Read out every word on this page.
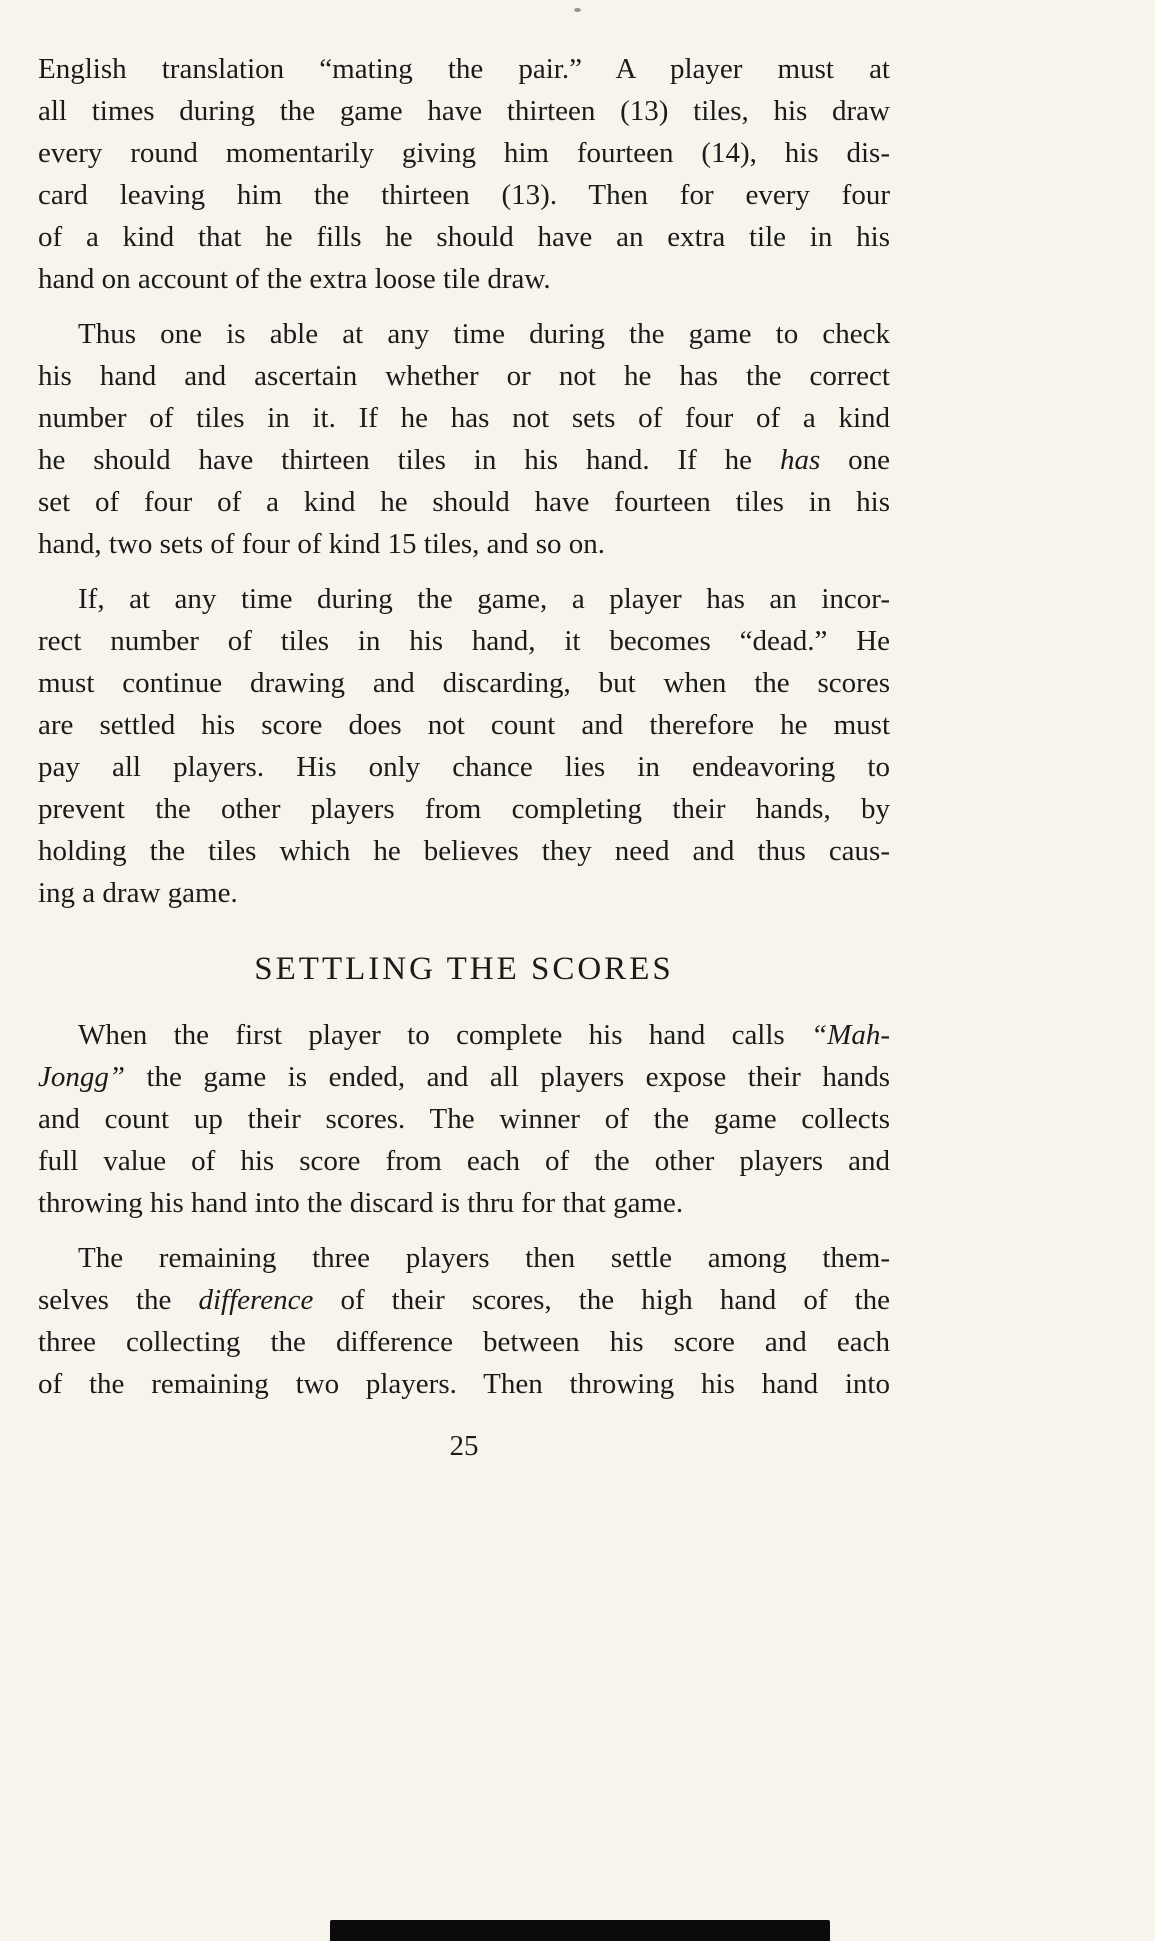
English translation “mating the pair.” A player must at
all times during the game have thirteen (13) tiles, his draw
every round momentarily giving him fourteen (14), his dis-
card leaving him the thirteen (13). Then for every four
of a kind that he fills he should have an extra tile in his
hand on account of the extra loose tile draw.
Thus one is able at any time during the game to check
his hand and ascertain whether or not he has the correct
number of tiles in it. If he has not sets of four of a kind
he should have thirteen tiles in his hand. If he has one
set of four of a kind he should have fourteen tiles in his
hand, two sets of four of kind 15 tiles, and so on.
If, at any time during the game, a player has an incor-
rect number of tiles in his hand, it becomes “dead.” He
must continue drawing and discarding, but when the scores
are settled his score does not count and therefore he must
pay all players. His only chance lies in endeavoring to
prevent the other players from completing their hands, by
holding the tiles which he believes they need and thus caus-
ing a draw game.
SETTLING THE SCORES
When the first player to complete his hand calls “Mah-
Jongg” the game is ended, and all players expose their hands
and count up their scores. The winner of the game collects
full value of his score from each of the other players and
throwing his hand into the discard is thru for that game.
The remaining three players then settle among them-
selves the difference of their scores, the high hand of the
three collecting the difference between his score and each
of the remaining two players. Then throwing his hand into
25
